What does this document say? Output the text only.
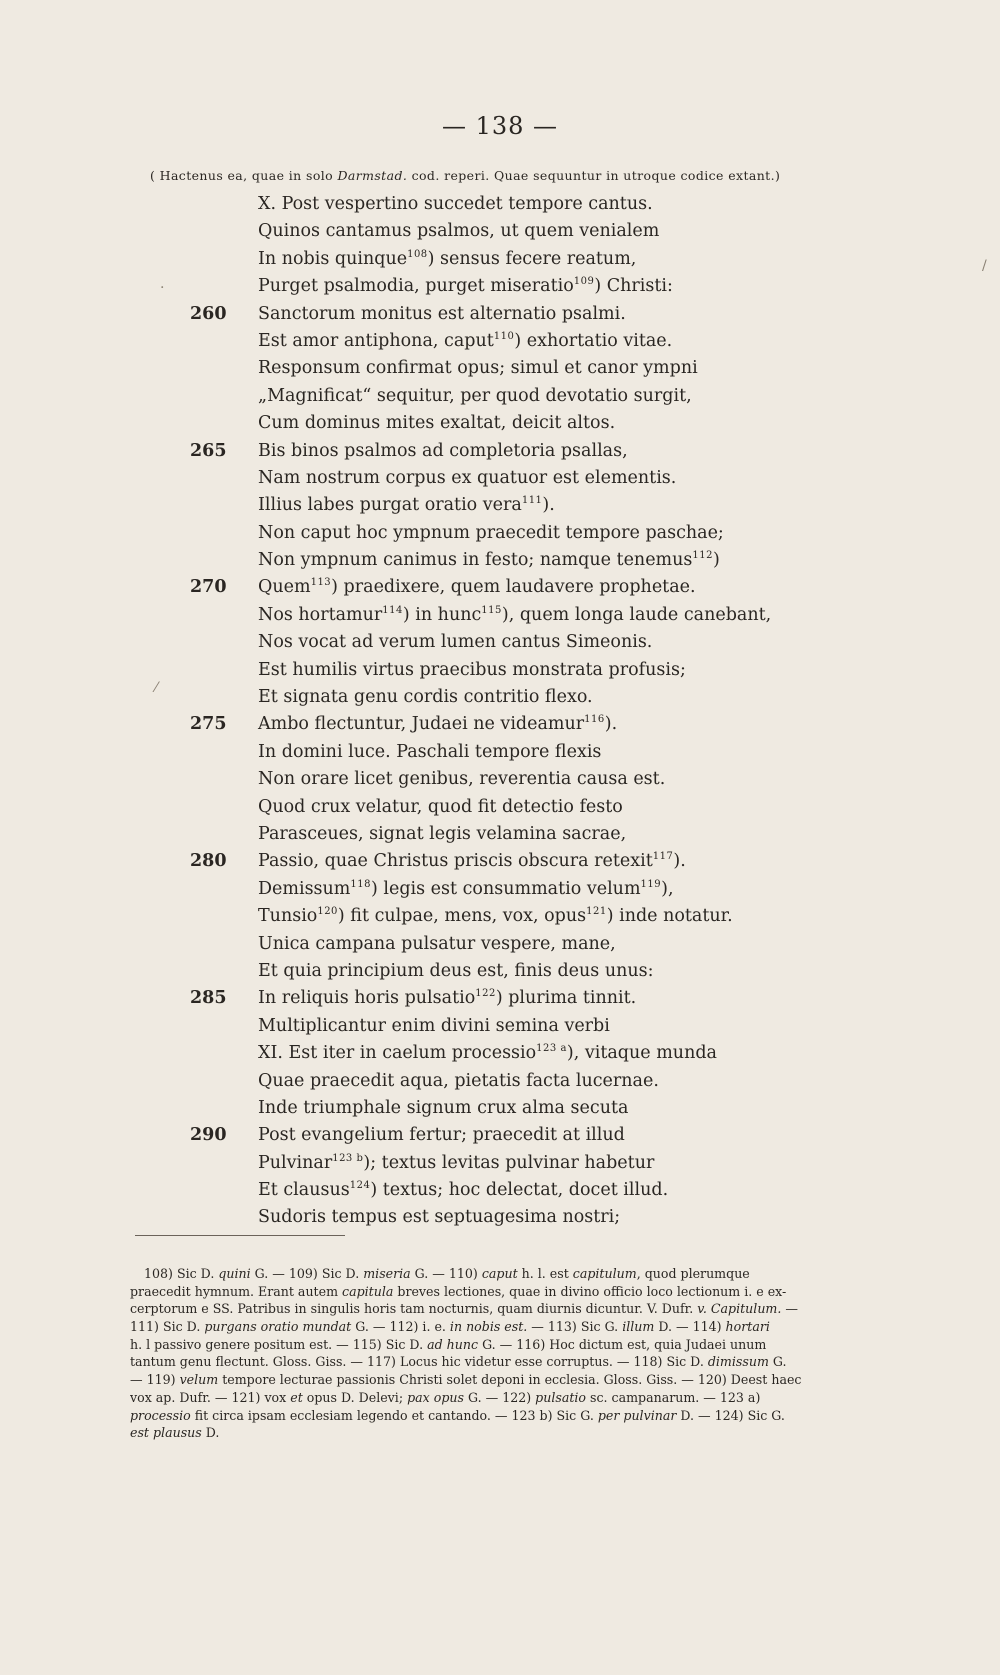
— 138 —
( Hactenus ea, quae in solo Darmstad. cod. reperi. Quae sequuntur in utroque codice extant.)
X. Post vespertino succedet tempore cantus.
Quinos cantamus psalmos, ut quem venialem
In nobis quinque$^{108}$) sensus fecere reatum,
Purget psalmodia, purget miseratio$^{109}$) Christi:
260 Sanctorum monitus est alternatio psalmi.
Est amor antiphona, caput$^{110}$) exhortatio vitae.
Responsum confirmat opus; simul et canor ympni
„Magnificat“ sequitur, per quod devotatio surgit,
Cum dominus mites exaltat, deicit altos.
265 Bis binos psalmos ad completoria psallas,
Nam nostrum corpus ex quatuor est elementis.
Illius labes purgat oratio vera$^{111}$).
Non caput hoc ympnum praecedit tempore paschae;
Non ympnum canimus in festo; namque tenemus$^{112}$)
270 Quem$^{113}$) praedixere, quem laudavere prophetae.
Nos hortamur$^{114}$) in hunc$^{115}$), quem longa laude canebant,
Nos vocat ad verum lumen cantus Simeonis.
Est humilis virtus praecibus monstrata profusis;
Et signata genu cordis contritio flexo.
275 Ambo flectuntur, Judaei ne videamur$^{116}$).
In domini luce. Paschali tempore flexis
Non orare licet genibus, reverentia causa est.
Quod crux velatur, quod fit detectio festo
Parasceues, signat legis velamina sacrae,
280 Passio, quae Christus priscis obscura retexit$^{117}$).
Demissum$^{118}$) legis est consummatio velum$^{119}$),
Tunsio$^{120}$) fit culpae, mens, vox, opus$^{121}$) inde notatur.
Unica campana pulsatur vespere, mane,
Et quia principium deus est, finis deus unus:
285 In reliquis horis pulsatio$^{122}$) plurima tinnit.
Multiplicantur enim divini semina verbi
XI. Est iter in caelum processio$^{123 a}$), vitaque munda
Quae praecedit aqua, pietatis facta lucernae.
Inde triumphale signum crux alma secuta
290 Post evangelium fertur; praecedit at illud
Pulvinar$^{123 b}$); textus levitas pulvinar habetur
Et clausus$^{124}$) textus; hoc delectat, docet illud.
Sudoris tempus est septuagesima nostri;
108) Sic D. quini G. — 109) Sic D. miseria G. — 110) caput h. l. est capitulum, quod plerumque
praecedit hymnum. Erant autem capitula breves lectiones, quae in divino officio loco lectionum i. e ex-
cerptorum e SS. Patribus in singulis horis tam nocturnis, quam diurnis dicuntur. V. Dufr. v. Capitulum. —
111) Sic D. purgans oratio mundat G. — 112) i. e. in nobis est. — 113) Sic G. illum D. — 114) hortari
h. l passivo genere positum est. — 115) Sic D. ad hunc G. — 116) Hoc dictum est, quia Judaei unum
tantum genu flectunt. Gloss. Giss. — 117) Locus hic videtur esse corruptus. — 118) Sic D. dimissum G.
— 119) velum tempore lecturae passionis Christi solet deponi in ecclesia. Gloss. Giss. — 120) Deest haec
vox ap. Dufr. — 121) vox et opus D. Delevi; pax opus G. — 122) pulsatio sc. campanarum. — 123 a)
processio fit circa ipsam ecclesiam legendo et cantando. — 123 b) Sic G. per pulvinar D. — 124) Sic G.
est plausus D.
.
/
⁄
